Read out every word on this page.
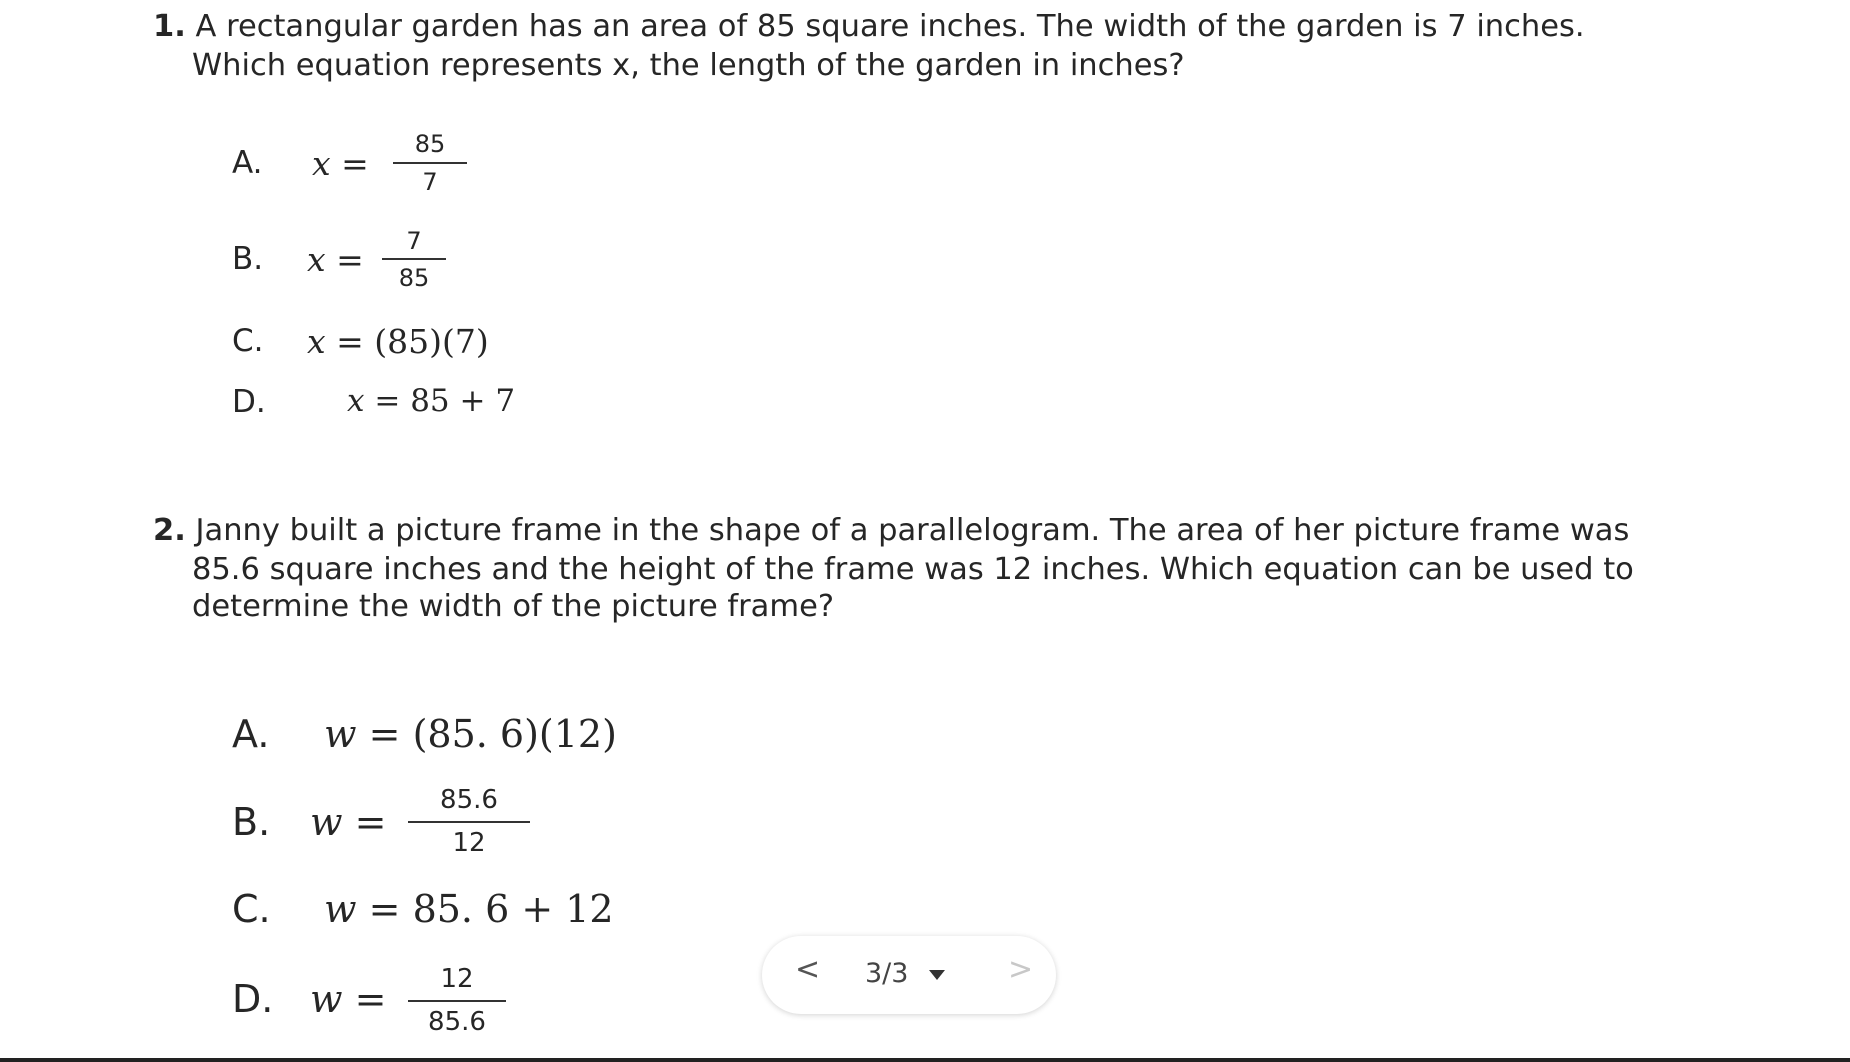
1. A rectangular garden has an area of 85 square inches. The width of the garden is 7 inches.
Which equation represents x, the length of the garden in inches?
A. x =	85
7
B. x =	7
85
C. x = (85)(7)
D.	x = 85 + 7
2. Janny built a picture frame in the shape of a parallelogram. The area of her picture frame was
85.6 square inches and the height of the frame was 12 inches. Which equation can be used to
determine the width of the picture frame?
A. w = (85. 6)(12)
B. w =	85.6
12
C. w = 85. 6 + 12
D. w =	12
85.6
< 3/3	>
